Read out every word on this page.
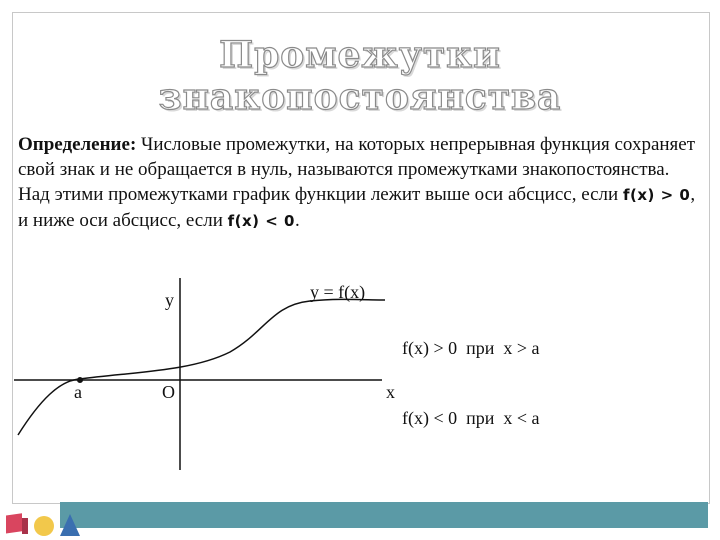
Промежутки знакопостоянства
Определение: Числовые промежутки, на которых непрерывная функция сохраняет свой знак и не обращается в нуль, называются промежутками знакопостоянства.
Над этими промежутками график функции лежит выше оси абсцисс, если f(x) > 0, и ниже оси абсцисс, если f(x) < 0.
y	y = f(x)
f(x) > 0  при  x > a
a	O	x
f(x) < 0  при  x < a
